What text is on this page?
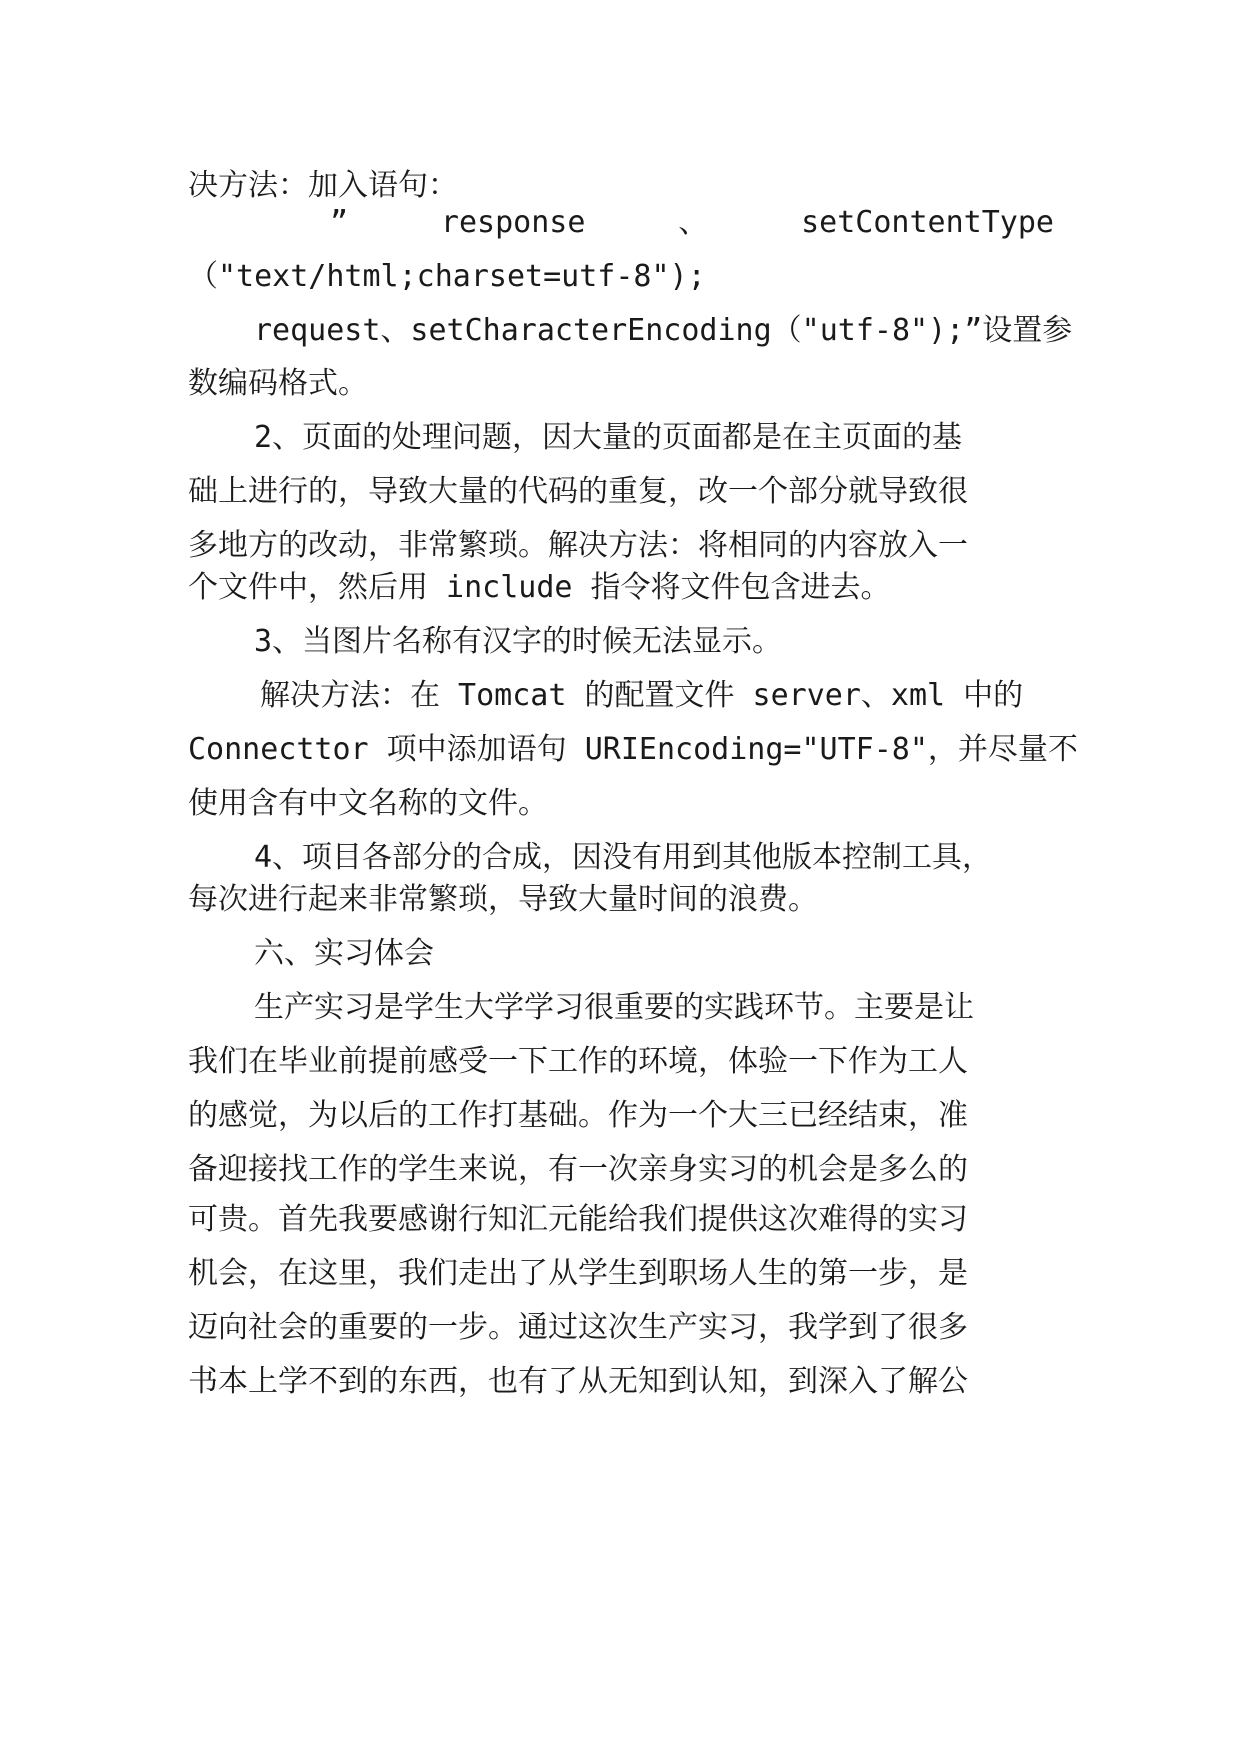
决方法：加入语句：
”	response	、	setContentType
（"text/html;charset=utf-8");
request、setCharacterEncoding（"utf-8");”设置参
数编码格式。
2、页面的处理问题，因大量的页面都是在主页面的基
础上进行的，导致大量的代码的重复，改一个部分就导致很
多地方的改动，非常繁琐。解决方法：将相同的内容放入一
个文件中，然后用 include 指令将文件包含进去。
3、当图片名称有汉字的时候无法显示。
解决方法：在 Tomcat 的配置文件 server、xml 中的
Connecttor 项中添加语句 URIEncoding="UTF-8"，并尽量不
使用含有中文名称的文件。
4、项目各部分的合成，因没有用到其他版本控制工具，
每次进行起来非常繁琐，导致大量时间的浪费。
六、实习体会
生产实习是学生大学学习很重要的实践环节。主要是让
我们在毕业前提前感受一下工作的环境，体验一下作为工人
的感觉，为以后的工作打基础。作为一个大三已经结束，准
备迎接找工作的学生来说，有一次亲身实习的机会是多么的
可贵。首先我要感谢行知汇元能给我们提供这次难得的实习
机会，在这里，我们走出了从学生到职场人生的第一步，是
迈向社会的重要的一步。通过这次生产实习，我学到了很多
书本上学不到的东西，也有了从无知到认知，到深入了解公
